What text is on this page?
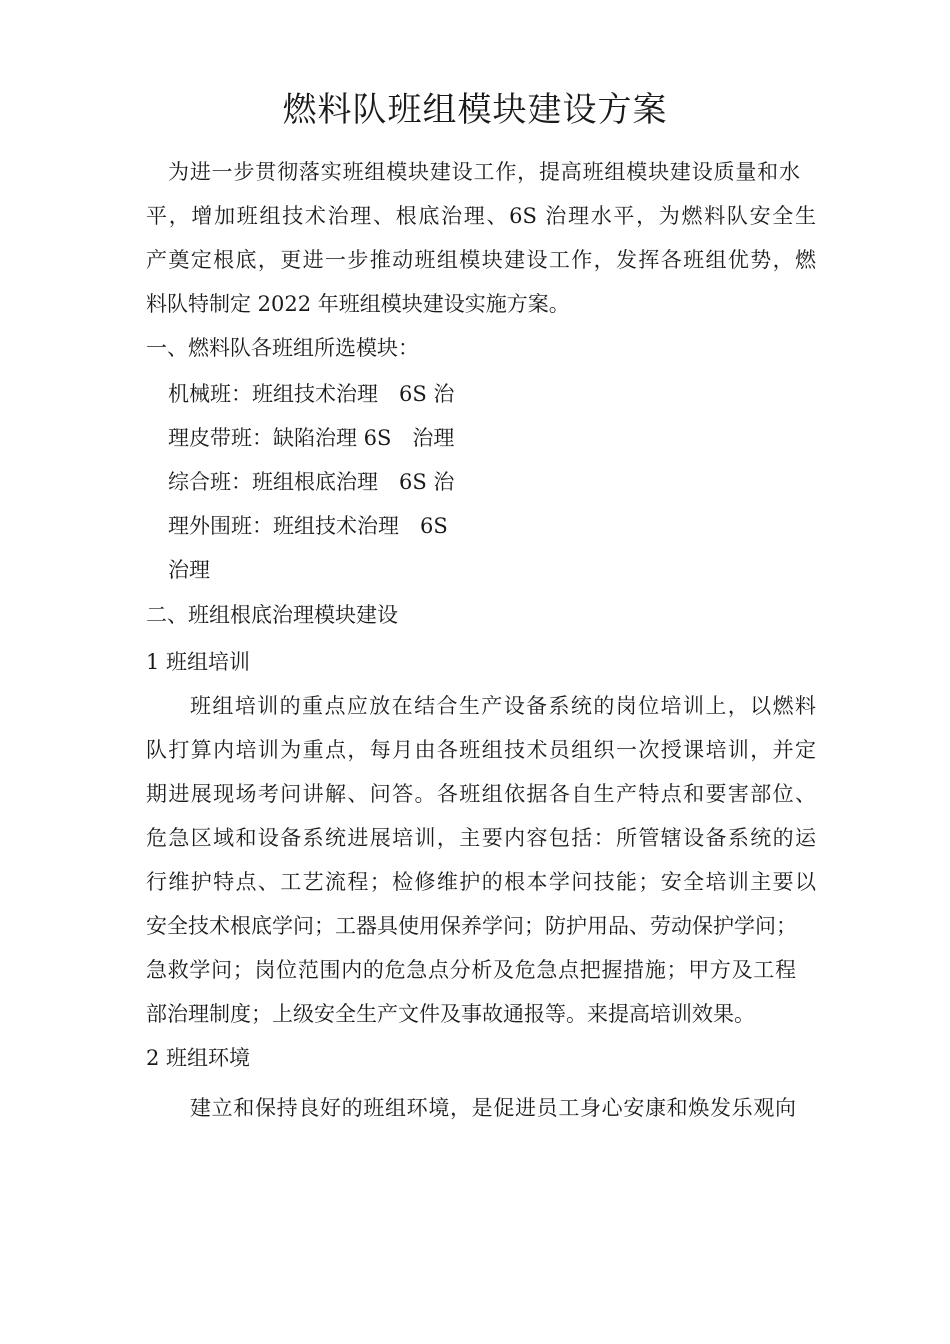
燃料队班组模块建设方案
为进一步贯彻落实班组模块建设工作，提高班组模块建设质量和水
平，增加班组技术治理、根底治理、6S 治理水平，为燃料队安全生
产奠定根底，更进一步推动班组模块建设工作，发挥各班组优势，燃
料队特制定 2022 年班组模块建设实施方案。
一、燃料队各班组所选模块：
机械班：班组技术治理　6S 治
理皮带班：缺陷治理 6S　治理
综合班：班组根底治理　6S 治
理外围班：班组技术治理　6S
治理
二、班组根底治理模块建设
1 班组培训
班组培训的重点应放在结合生产设备系统的岗位培训上，以燃料
队打算内培训为重点，每月由各班组技术员组织一次授课培训，并定
期进展现场考问讲解、问答。各班组依据各自生产特点和要害部位、
危急区域和设备系统进展培训，主要内容包括：所管辖设备系统的运
行维护特点、工艺流程；检修维护的根本学问技能；安全培训主要以
安全技术根底学问；工器具使用保养学问；防护用品、劳动保护学问；
急救学问；岗位范围内的危急点分析及危急点把握措施；甲方及工程
部治理制度；上级安全生产文件及事故通报等。来提高培训效果。
2 班组环境
建立和保持良好的班组环境，是促进员工身心安康和焕发乐观向
